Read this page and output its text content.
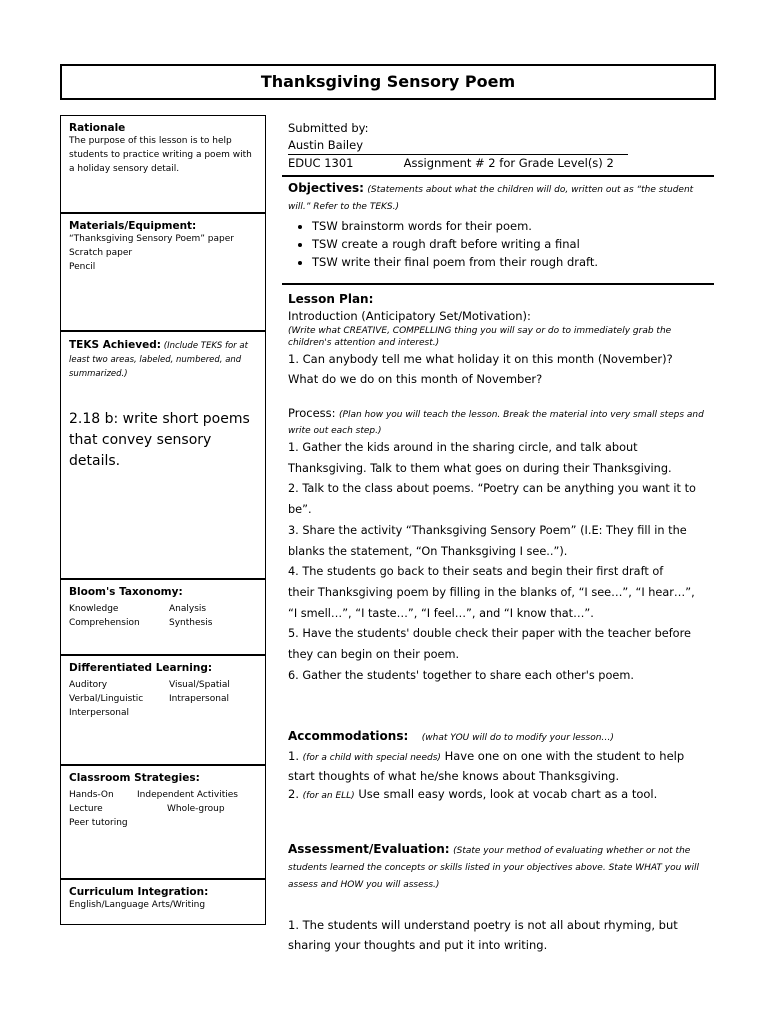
Thanksgiving Sensory Poem
Rationale
The purpose of this lesson is to help students to practice writing a poem with a holiday sensory detail.
Materials/Equipment:
“Thanksgiving Sensory Poem” paper
Scratch paper
Pencil
TEKS Achieved: (Include TEKS for at least two areas, labeled, numbered, and summarized.)
2.18 b: write short poems that convey sensory details.
Bloom's Taxonomy:
Knowledge	Analysis
Comprehension	Synthesis
Differentiated Learning:
Auditory	Visual/Spatial
Verbal/Linguistic	Intrapersonal
Interpersonal
Classroom Strategies:
Hands-On	Independent Activities
Lecture	Whole-group
Peer tutoring
Curriculum Integration:
English/Language Arts/Writing
Submitted by: Austin Bailey
EDUC 1301	Assignment # 2 for Grade Level(s) 2
Objectives: (Statements about what the children will do, written out as “the student will.” Refer to the TEKS.)
• TSW brainstorm words for their poem.
• TSW create a rough draft before writing a final
• TSW write their final poem from their rough draft.
Lesson Plan:
Introduction (Anticipatory Set/Motivation):
(Write what CREATIVE, COMPELLING thing you will say or do to immediately grab the children's attention and interest.)
1. Can anybody tell me what holiday it on this month (November)?
What do we do on this month of November?
Process: (Plan how you will teach the lesson. Break the material into very small steps and write out each step.)
1. Gather the kids around in the sharing circle, and talk about
Thanksgiving. Talk to them what goes on during their Thanksgiving.
2. Talk to the class about poems. “Poetry can be anything you want it to
be”.
3. Share the activity “Thanksgiving Sensory Poem” (I.E: They fill in the
blanks the statement, “On Thanksgiving I see..”).
4. The students go back to their seats and begin their first draft of
their Thanksgiving poem by filling in the blanks of, “I see…”, “I hear…”,
“I smell…”, “I taste…”, “I feel…”, and “I know that…”.
5. Have the students' double check their paper with the teacher before
they can begin on their poem.
6. Gather the students' together to share each other's poem.
Accommodations: (what YOU will do to modify your lesson…)
1. (for a child with special needs) Have one on one with the student to help
start thoughts of what he/she knows about Thanksgiving.
2. (for an ELL) Use small easy words, look at vocab chart as a tool.
Assessment/Evaluation: (State your method of evaluating whether or not the students learned the concepts or skills listed in your objectives above. State WHAT you will assess and HOW you will assess.)
1. The students will understand poetry is not all about rhyming, but
sharing your thoughts and put it into writing.
